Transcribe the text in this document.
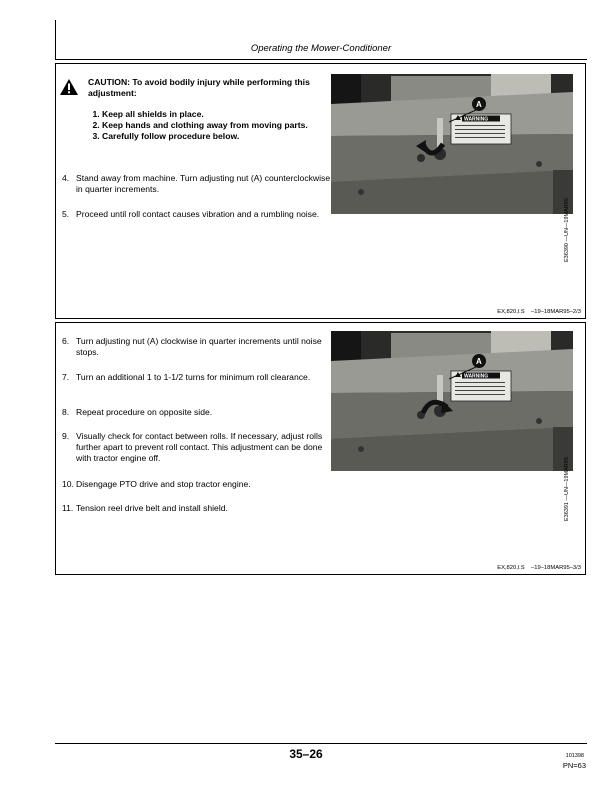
Operating the Mower-Conditioner

CAUTION: To avoid bodily injury while performing this adjustment:

1. Keep all shields in place.
2. Keep hands and clothing away from moving parts.
3. Carefully follow procedure below.
4. Stand away from machine. Turn adjusting nut (A) counterclockwise in quarter increments.
5. Proceed until roll contact causes vibration and a rumbling noise.
WARNING
A
E36390 —UN—19MAR95
EX,820,l.S    –19–18MAR95–2/3
6. Turn adjusting nut (A) clockwise in quarter increments until noise stops.
7. Turn an additional 1 to 1-1/2 turns for minimum roll clearance.
8. Repeat procedure on opposite side.
9. Visually check for contact between rolls. If necessary, adjust rolls further apart to prevent roll contact. This adjustment can be done with tractor engine off.
10. Disengage PTO drive and stop tractor engine.
11. Tension reel drive belt and install shield.
WARNING
A
E36391 —UN—19MAR95
EX,820,l.S    –19–18MAR95–3/3
35–26	101398
PN=63
